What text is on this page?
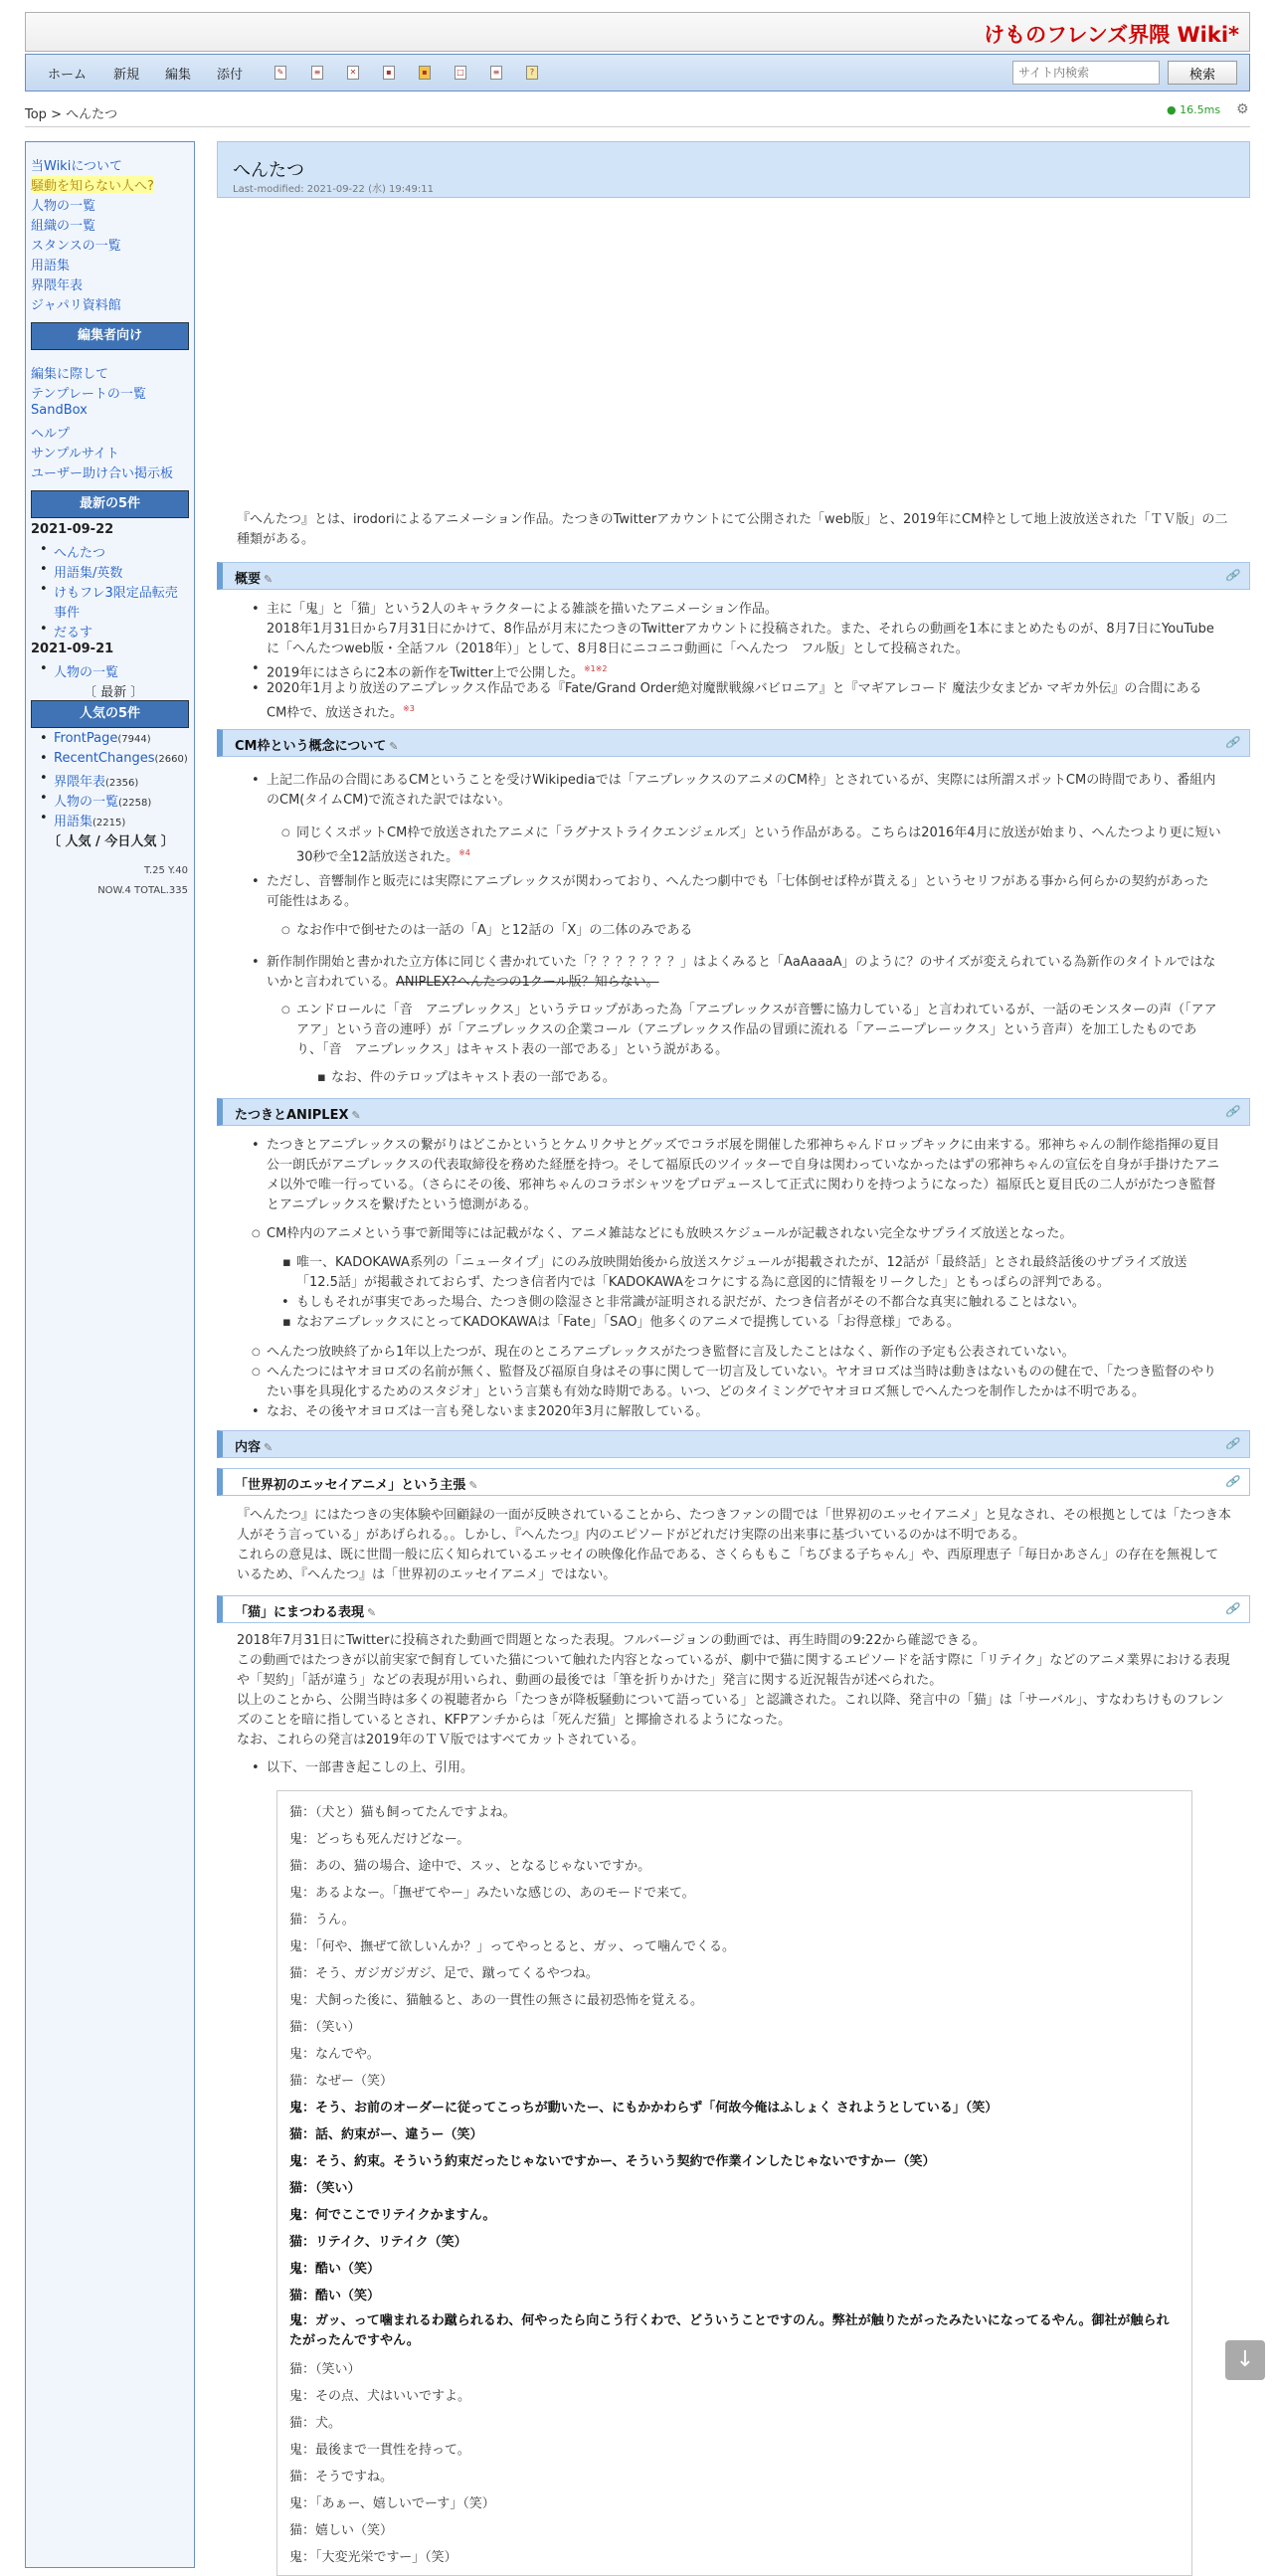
けものフレンズ界隈 Wiki*
ホーム 新規 編集 添付	✎	≡	✕	▪	▪	□	≡	?
サイト内検索	検索
Top > へんたつ	● 16.5ms ⚙
当Wikiについて
騒動を知らない人へ?
人物の一覧
組織の一覧
スタンスの一覧
用語集
界隈年表
ジャパリ資料館
編集者向け
編集に際して
テンプレートの一覧
SandBox
ヘルプ
サンプルサイト
ユーザー助け合い掲示板
最新の5件
2021-09-22
• へんたつ
• 用語集/英数
• けもフレ3限定品転売
事件
• だるす
2021-09-21
• 人物の一覧
〔 最新 〕
人気の5件
• FrontPage(7944)
• RecentChanges(2660)
• 界隈年表(2356)
• 人物の一覧(2258)
• 用語集(2215)
〔 人気 / 今日人気 〕
T.25 Y.40
NOW.4 TOTAL.335
へんたつ
Last-modified: 2021-09-22 (水) 19:49:11
『へんたつ』とは、irodoriによるアニメーション作品。たつきのTwitterアカウントにて公開された「web版」と、2019年にCM枠として地上波放送された「ＴＶ版」の二種類がある。
概要 ✎	🔗
• 主に「鬼」と「猫」という2人のキャラクターによる雑談を描いたアニメーション作品。
• 2018年1月31日から7月31日にかけて、8作品が月末にたつきのTwitterアカウントに投稿された。また、それらの動画を1本にまとめたものが、8月7日にYouTubeに「へんたつweb版・全話フル（2018年）」として、8月8日にニコニコ動画に「へんたつ　フル版」として投稿された。
• 2019年にはさらに2本の新作をTwitter上で公開した。$^{※1※2}$
• 2020年1月より放送のアニプレックス作品である『Fate/Grand Order絶対魔獣戦線バビロニア』と『マギアレコード 魔法少女まどか マギカ外伝』の合間にあるCM枠で、放送された。$^{※3}$
CM枠という概念について ✎	🔗
• 上記二作品の合間にあるCMということを受けWikipediaでは「アニプレックスのアニメのCM枠」とされているが、実際には所謂スポットCMの時間であり、番組内のCM(タイムCM)で流された訳ではない。
○ 同じくスポットCM枠で放送されたアニメに「ラグナストライクエンジェルズ」という作品がある。こちらは2016年4月に放送が始まり、へんたつより更に短い30秒で全12話放送された。$^{※4}$
• ただし、音響制作と販売には実際にアニプレックスが関わっており、へんたつ劇中でも「七体倒せば枠が貰える」というセリフがある事から何らかの契約があった可能性はある。
○ なお作中で倒せたのは一話の「A」と12話の「X」の二体のみである
• 新作制作開始と書かれた立方体に同じく書かれていた「？？？？？？？」はよくみると「AaAaaaA」のように？のサイズが変えられている為新作のタイトルではないかと言われている。ANIPLEX?へんたつの1クール版？知らない。
○ エンドロールに「音　アニプレックス」というテロップがあった為「アニプレックスが音響に協力している」と言われているが、一話のモンスターの声（「アアアア」という音の連呼）が「アニプレックスの企業コール（アニプレックス作品の冒頭に流れる「アーニープレーックス」という音声）を加工したものであり、「音　アニプレックス」はキャスト表の一部である」という説がある。
▪ なお、件のテロップはキャスト表の一部である。
たつきとANIPLEX ✎	🔗
• たつきとアニプレックスの繋がりはどこかというとケムリクサとグッズでコラボ展を開催した邪神ちゃんドロップキックに由来する。邪神ちゃんの制作総指揮の夏目公一朗氏がアニプレックスの代表取締役を務めた経歴を持つ。そして福原氏のツイッターで自身は関わっていなかったはずの邪神ちゃんの宣伝を自身が手掛けたアニメ以外で唯一行っている。（さらにその後、邪神ちゃんのコラボシャツをプロデュースして正式に関わりを持つようになった）福原氏と夏目氏の二人ががたつき監督とアニプレックスを繋げたという憶測がある。
○ CM枠内のアニメという事で新聞等には記載がなく、アニメ雑誌などにも放映スケジュールが記載されない完全なサプライズ放送となった。
▪ 唯一、KADOKAWA系列の「ニュータイプ」にのみ放映開始後から放送スケジュールが掲載されたが、12話が「最終話」とされ最終話後のサプライズ放送「12.5話」が掲載されておらず、たつき信者内では「KADOKAWAをコケにする為に意図的に情報をリークした」ともっぱらの評判である。
• もしもそれが事実であった場合、たつき側の陰湿さと非常識が証明される訳だが、たつき信者がその不都合な真実に触れることはない。
▪ なおアニプレックスにとってKADOKAWAは「Fate」「SAO」他多くのアニメで提携している「お得意様」である。
○ へんたつ放映終了から1年以上たつが、現在のところアニプレックスがたつき監督に言及したことはなく、新作の予定も公表されていない。
○ へんたつにはヤオヨロズの名前が無く、監督及び福原自身はその事に関して一切言及していない。ヤオヨロズは当時は動きはないものの健在で、「たつき監督のやりたい事を具現化するためのスタジオ」という言葉も有効な時期である。いつ、どのタイミングでヤオヨロズ無しでへんたつを制作したかは不明である。
• なお、その後ヤオヨロズは一言も発しないまま2020年3月に解散している。
内容 ✎	🔗
「世界初のエッセイアニメ」という主張 ✎	🔗
『へんたつ』にはたつきの実体験や回顧録の一面が反映されていることから、たつきファンの間では「世界初のエッセイアニメ」と見なされ、その根拠としては「たつき本人がそう言っている」があげられる。。しかし、『へんたつ』内のエピソードがどれだけ実際の出来事に基づいているのかは不明である。
これらの意見は、既に世間一般に広く知られているエッセイの映像化作品である、さくらももこ「ちびまる子ちゃん」や、西原理恵子「毎日かあさん」の存在を無視しているため、『へんたつ』は「世界初のエッセイアニメ」ではない。
「猫」にまつわる表現 ✎	🔗
2018年7月31日にTwitterに投稿された動画で問題となった表現。フルバージョンの動画では、再生時間の9:22から確認できる。
この動画ではたつきが以前実家で飼育していた猫について触れた内容となっているが、劇中で猫に関するエピソードを話す際に「リテイク」などのアニメ業界における表現や「契約」「話が違う」などの表現が用いられ、動画の最後では「筆を折りかけた」発言に関する近況報告が述べられた。
以上のことから、公開当時は多くの視聴者から「たつきが降板騒動について語っている」と認識された。これ以降、発言中の「猫」は「サーバル」、すなわちけものフレンズのことを暗に指しているとされ、KFPアンチからは「死んだ猫」と揶揄されるようになった。
なお、これらの発言は2019年のＴＶ版ではすべてカットされている。
• 以下、一部書き起こしの上、引用。
猫：（犬と）猫も飼ってたんですよね。
鬼：どっちも死んだけどなー。
猫：あの、猫の場合、途中で、スッ、となるじゃないですか。
鬼：あるよなー。「撫ぜてやー」みたいな感じの、あのモードで来て。
猫：うん。
鬼：「何や、撫ぜて欲しいんか？」ってやっとると、ガッ、って噛んでくる。
猫：そう、ガジガジガジ、足で、蹴ってくるやつね。
鬼：犬飼った後に、猫触ると、あの一貫性の無さに最初恐怖を覚える。
猫：（笑い）
鬼：なんでや。
猫：なぜー（笑）
鬼：そう、お前のオーダーに従ってこっちが動いたー、にもかかわらず「何故今俺はふしょく されようとしている」（笑）
猫：話、約束がー、違うー（笑）
鬼：そう、約束。そういう約束だったじゃないですかー、そういう契約で作業インしたじゃないですかー（笑）
猫：（笑い）
鬼：何でここでリテイクかますん。
猫：リテイク、リテイク（笑）
鬼：酷い（笑）
猫：酷い（笑）
鬼：ガッ、って噛まれるわ蹴られるわ、何やったら向こう行くわで、どういうことですのん。弊社が触りたがったみたいになってるやん。御社が触られたがったんですやん。
猫：（笑い）
鬼：その点、犬はいいですよ。
猫：犬。
鬼：最後まで一貫性を持って。
猫：そうですね。
鬼：「あぁー、嬉しいでーす」（笑）
猫：嬉しい（笑）
鬼：「大変光栄ですー」（笑）
↓
